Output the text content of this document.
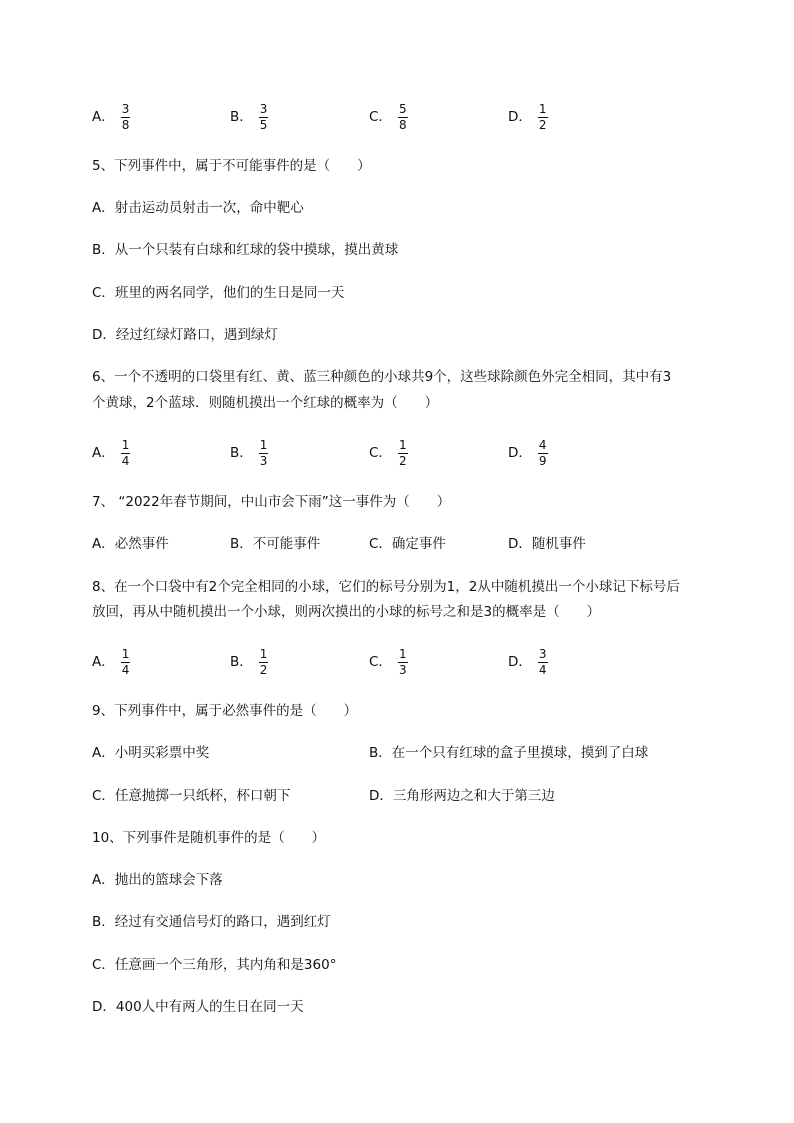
A． $\frac{3}{8}$	B． $\frac{3}{5}$	C． $\frac{5}{8}$	D． $\frac{1}{2}$
5、下列事件中，属于不可能事件的是（　　）
A．射击运动员射击一次，命中靶心
B．从一个只装有白球和红球的袋中摸球，摸出黄球
C．班里的两名同学，他们的生日是同一天
D．经过红绿灯路口，遇到绿灯
6、一个不透明的口袋里有红、黄、蓝三种颜色的小球共9个，这些球除颜色外完全相同，其中有3
个黄球，2个蓝球．则随机摸出一个红球的概率为（　　）
A． $\frac{1}{4}$	B． $\frac{1}{3}$	C． $\frac{1}{2}$	D． $\frac{4}{9}$
7、 “2022年春节期间，中山市会下雨”这一事件为（　　）
A．必然事件	B．不可能事件	C．确定事件	D．随机事件
8、在一个口袋中有2个完全相同的小球，它们的标号分别为1，2从中随机摸出一个小球记下标号后
放回，再从中随机摸出一个小球，则两次摸出的小球的标号之和是3的概率是（　　）
A． $\frac{1}{4}$	B． $\frac{1}{2}$	C． $\frac{1}{3}$	D． $\frac{3}{4}$
9、下列事件中，属于必然事件的是（　　）
A．小明买彩票中奖	B．在一个只有红球的盒子里摸球，摸到了白球
C．任意抛掷一只纸杯，杯口朝下	D．三角形两边之和大于第三边
10、下列事件是随机事件的是（　　）
A．抛出的篮球会下落
B．经过有交通信号灯的路口，遇到红灯
C．任意画一个三角形，其内角和是360°
D．400人中有两人的生日在同一天
